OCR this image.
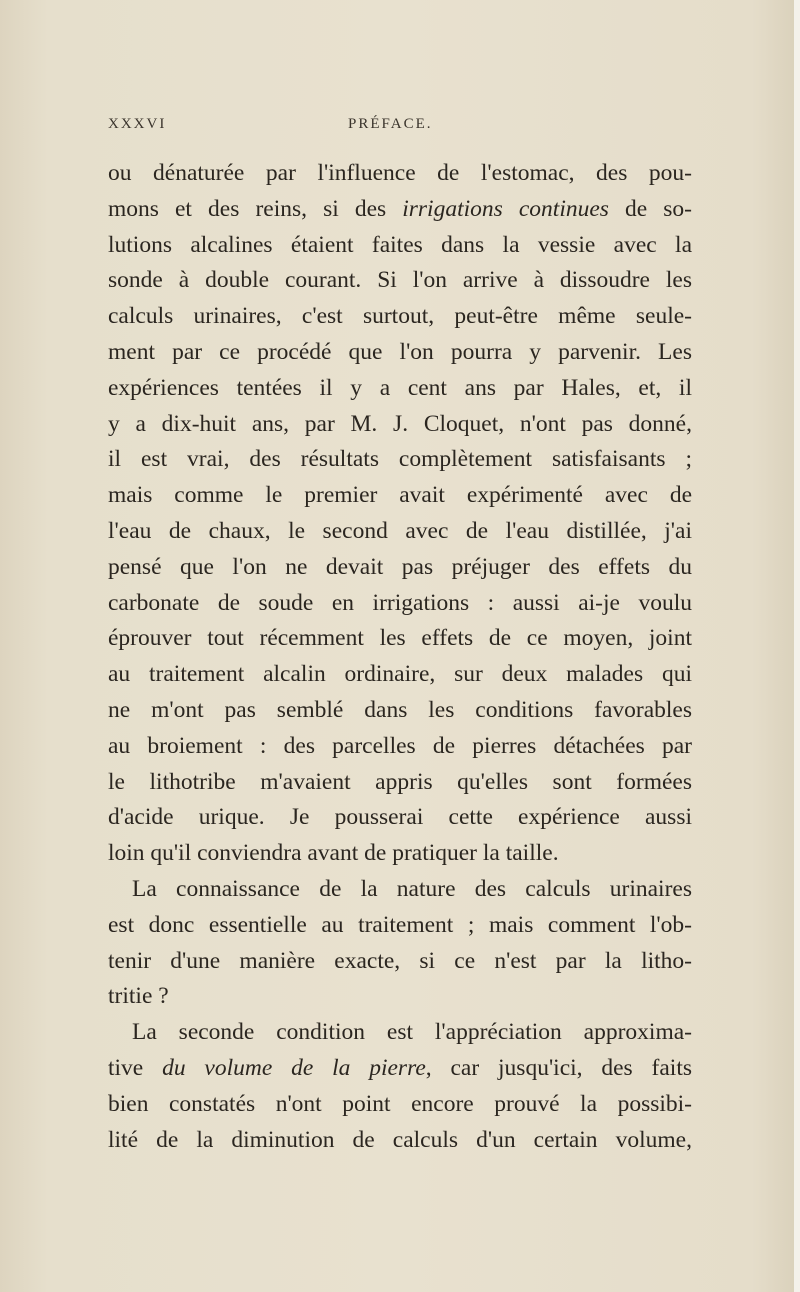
XXXVI	PRÉFACE.
ou dénaturée par l'influence de l'estomac, des pou-
mons et des reins, si des irrigations continues de so-
lutions alcalines étaient faites dans la vessie avec la
sonde à double courant. Si l'on arrive à dissoudre les
calculs urinaires, c'est surtout, peut-être même seule-
ment par ce procédé que l'on pourra y parvenir. Les
expériences tentées il y a cent ans par Hales, et, il
y a dix-huit ans, par M. J. Cloquet, n'ont pas donné,
il est vrai, des résultats complètement satisfaisants ;
mais comme le premier avait expérimenté avec de
l'eau de chaux, le second avec de l'eau distillée, j'ai
pensé que l'on ne devait pas préjuger des effets du
carbonate de soude en irrigations : aussi ai-je voulu
éprouver tout récemment les effets de ce moyen, joint
au traitement alcalin ordinaire, sur deux malades qui
ne m'ont pas semblé dans les conditions favorables
au broiement : des parcelles de pierres détachées par
le lithotribe m'avaient appris qu'elles sont formées
d'acide urique. Je pousserai cette expérience aussi
loin qu'il conviendra avant de pratiquer la taille.
La connaissance de la nature des calculs urinaires
est donc essentielle au traitement ; mais comment l'ob-
tenir d'une manière exacte, si ce n'est par la litho-
tritie ?
La seconde condition est l'appréciation approxima-
tive du volume de la pierre, car jusqu'ici, des faits
bien constatés n'ont point encore prouvé la possibi-
lité de la diminution de calculs d'un certain volume,
